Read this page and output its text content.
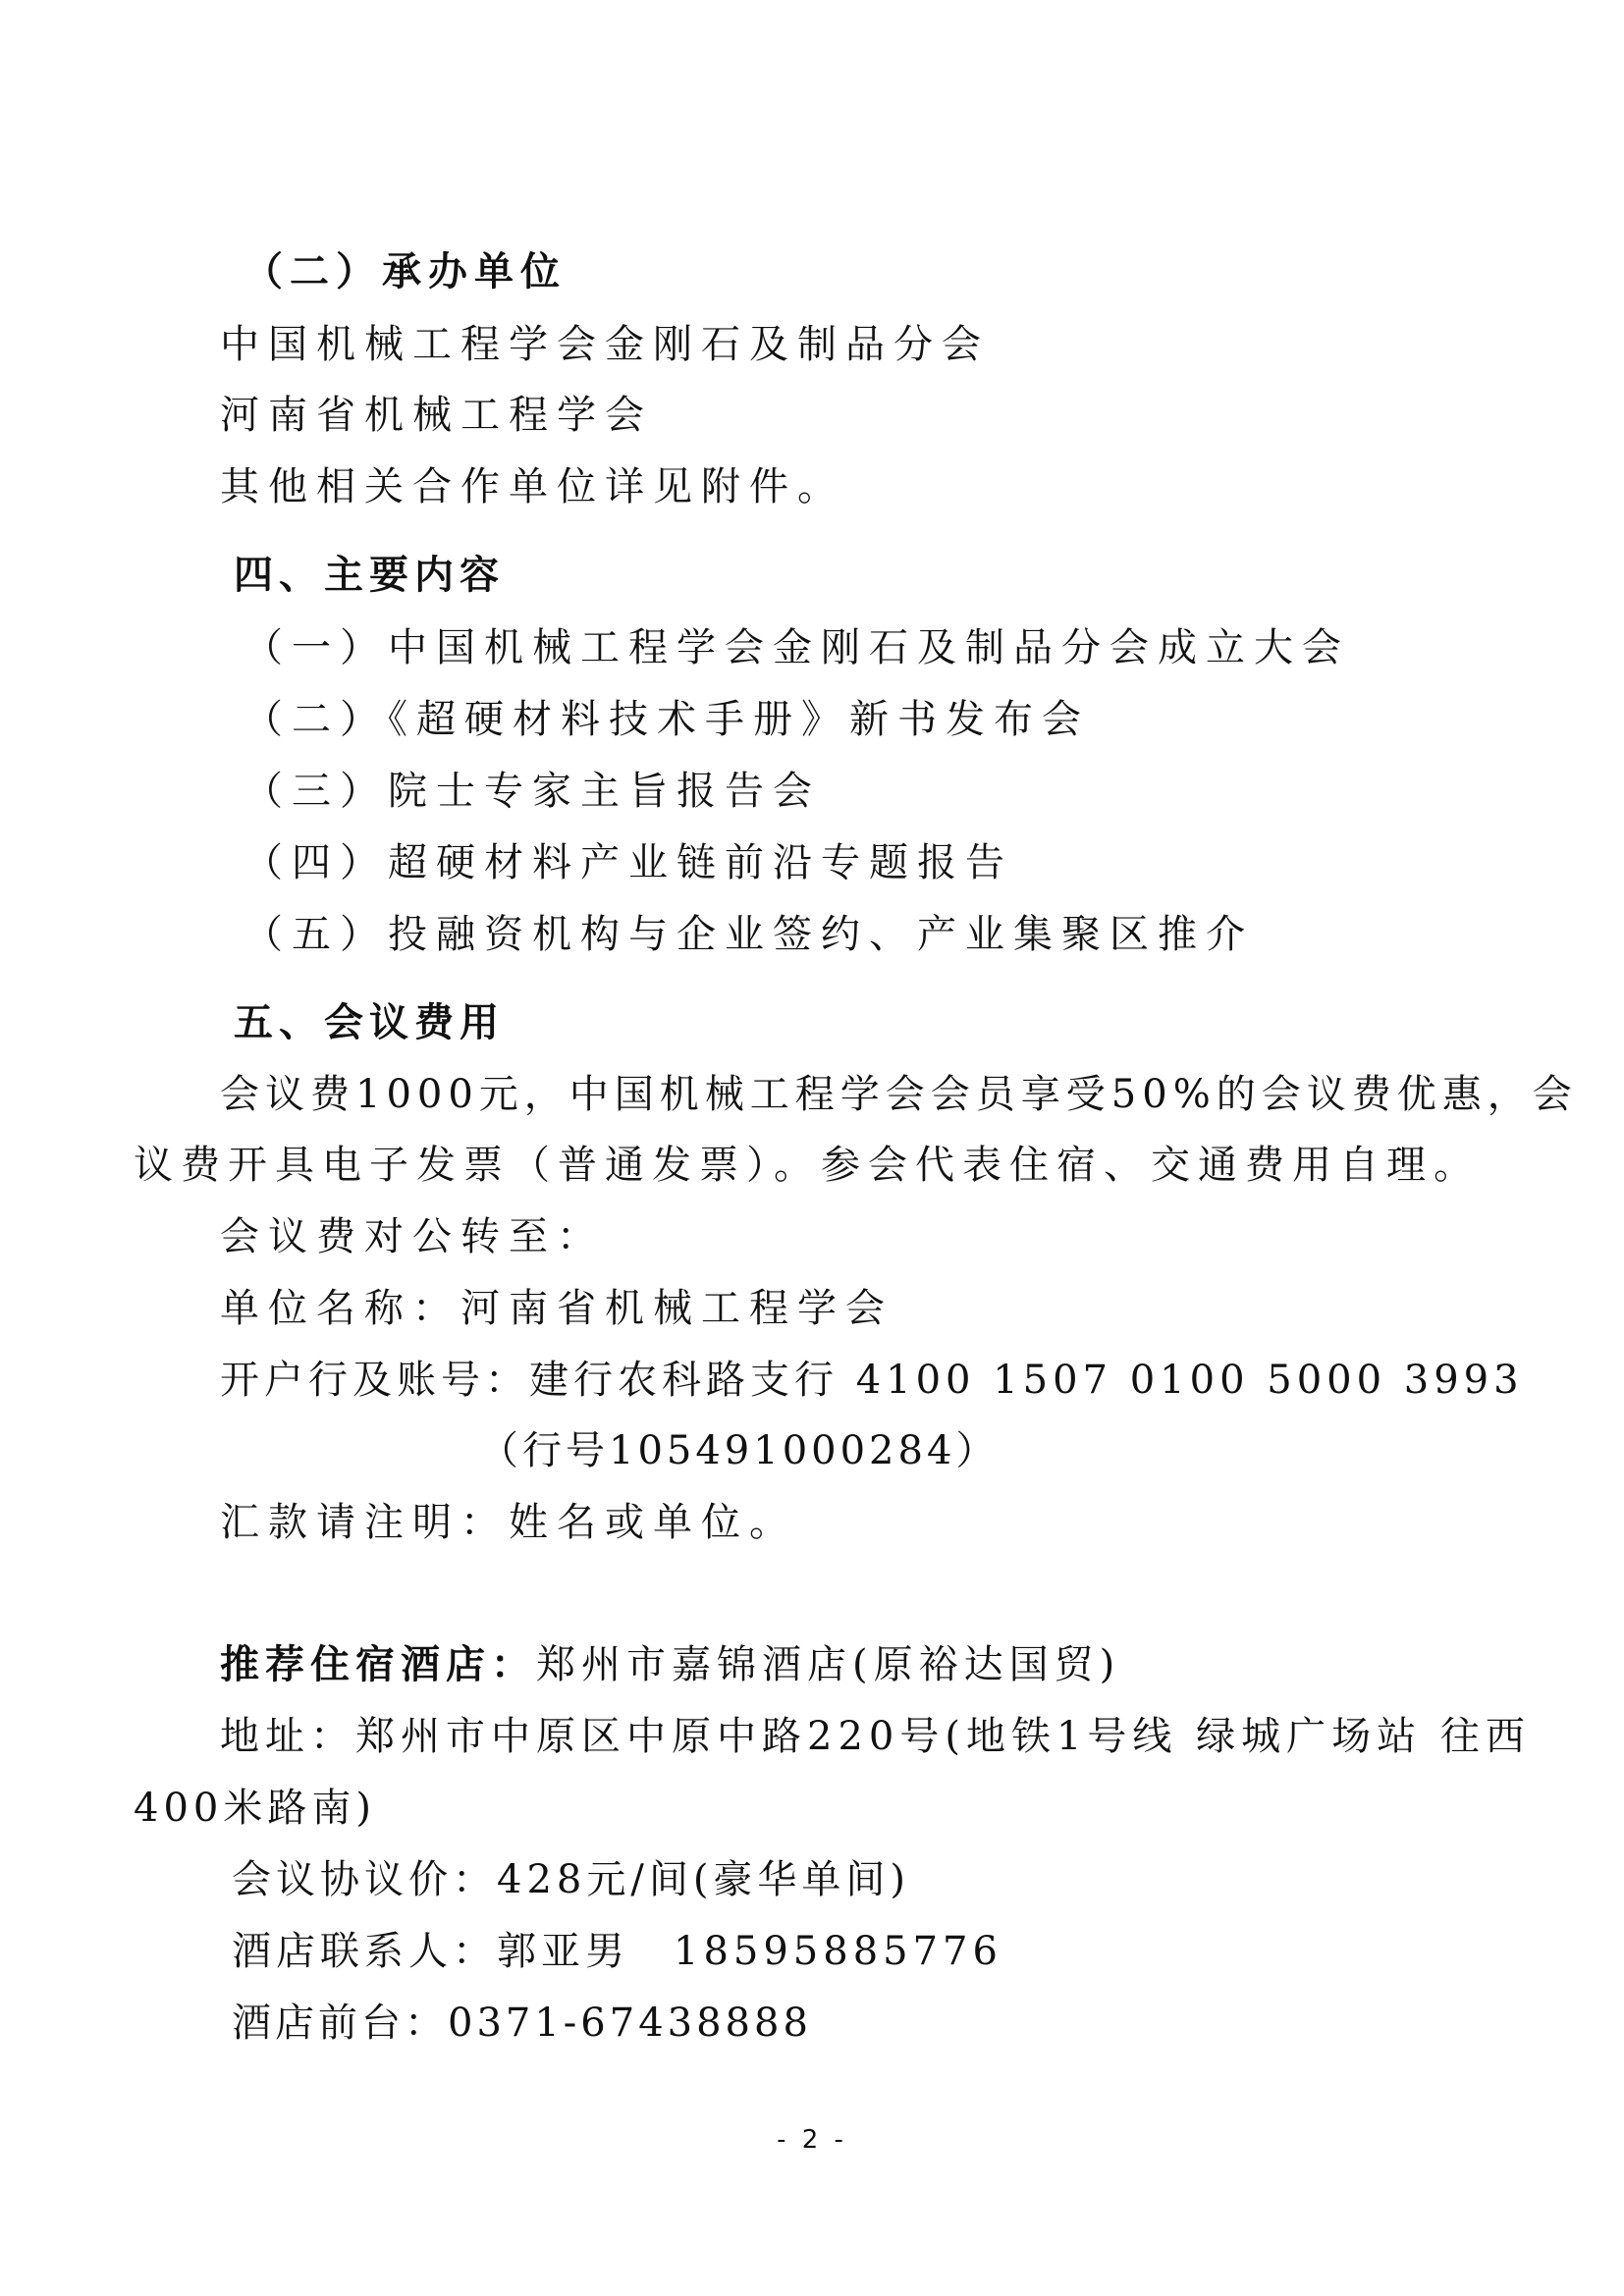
（二）承办单位
中国机械工程学会金刚石及制品分会
河南省机械工程学会
其他相关合作单位详见附件。
四、主要内容
（一）中国机械工程学会金刚石及制品分会成立大会
（二）《超硬材料技术手册》新书发布会
（三）院士专家主旨报告会
（四）超硬材料产业链前沿专题报告
（五）投融资机构与企业签约、产业集聚区推介
五、会议费用
会议费1000元，中国机械工程学会会员享受50%的会议费优惠，会
议费开具电子发票（普通发票）。参会代表住宿、交通费用自理。
会议费对公转至：
单位名称：河南省机械工程学会
开户行及账号：建行农科路支行 4100 1507 0100 5000 3993
（行号105491000284）
汇款请注明：姓名或单位。
推荐住宿酒店：郑州市嘉锦酒店(原裕达国贸)
地址：郑州市中原区中原中路220号(地铁1号线 绿城广场站 往西
400米路南)
会议协议价：428元/间(豪华单间)
酒店联系人：郭亚男　18595885776
酒店前台：0371-67438888
- 2 -
